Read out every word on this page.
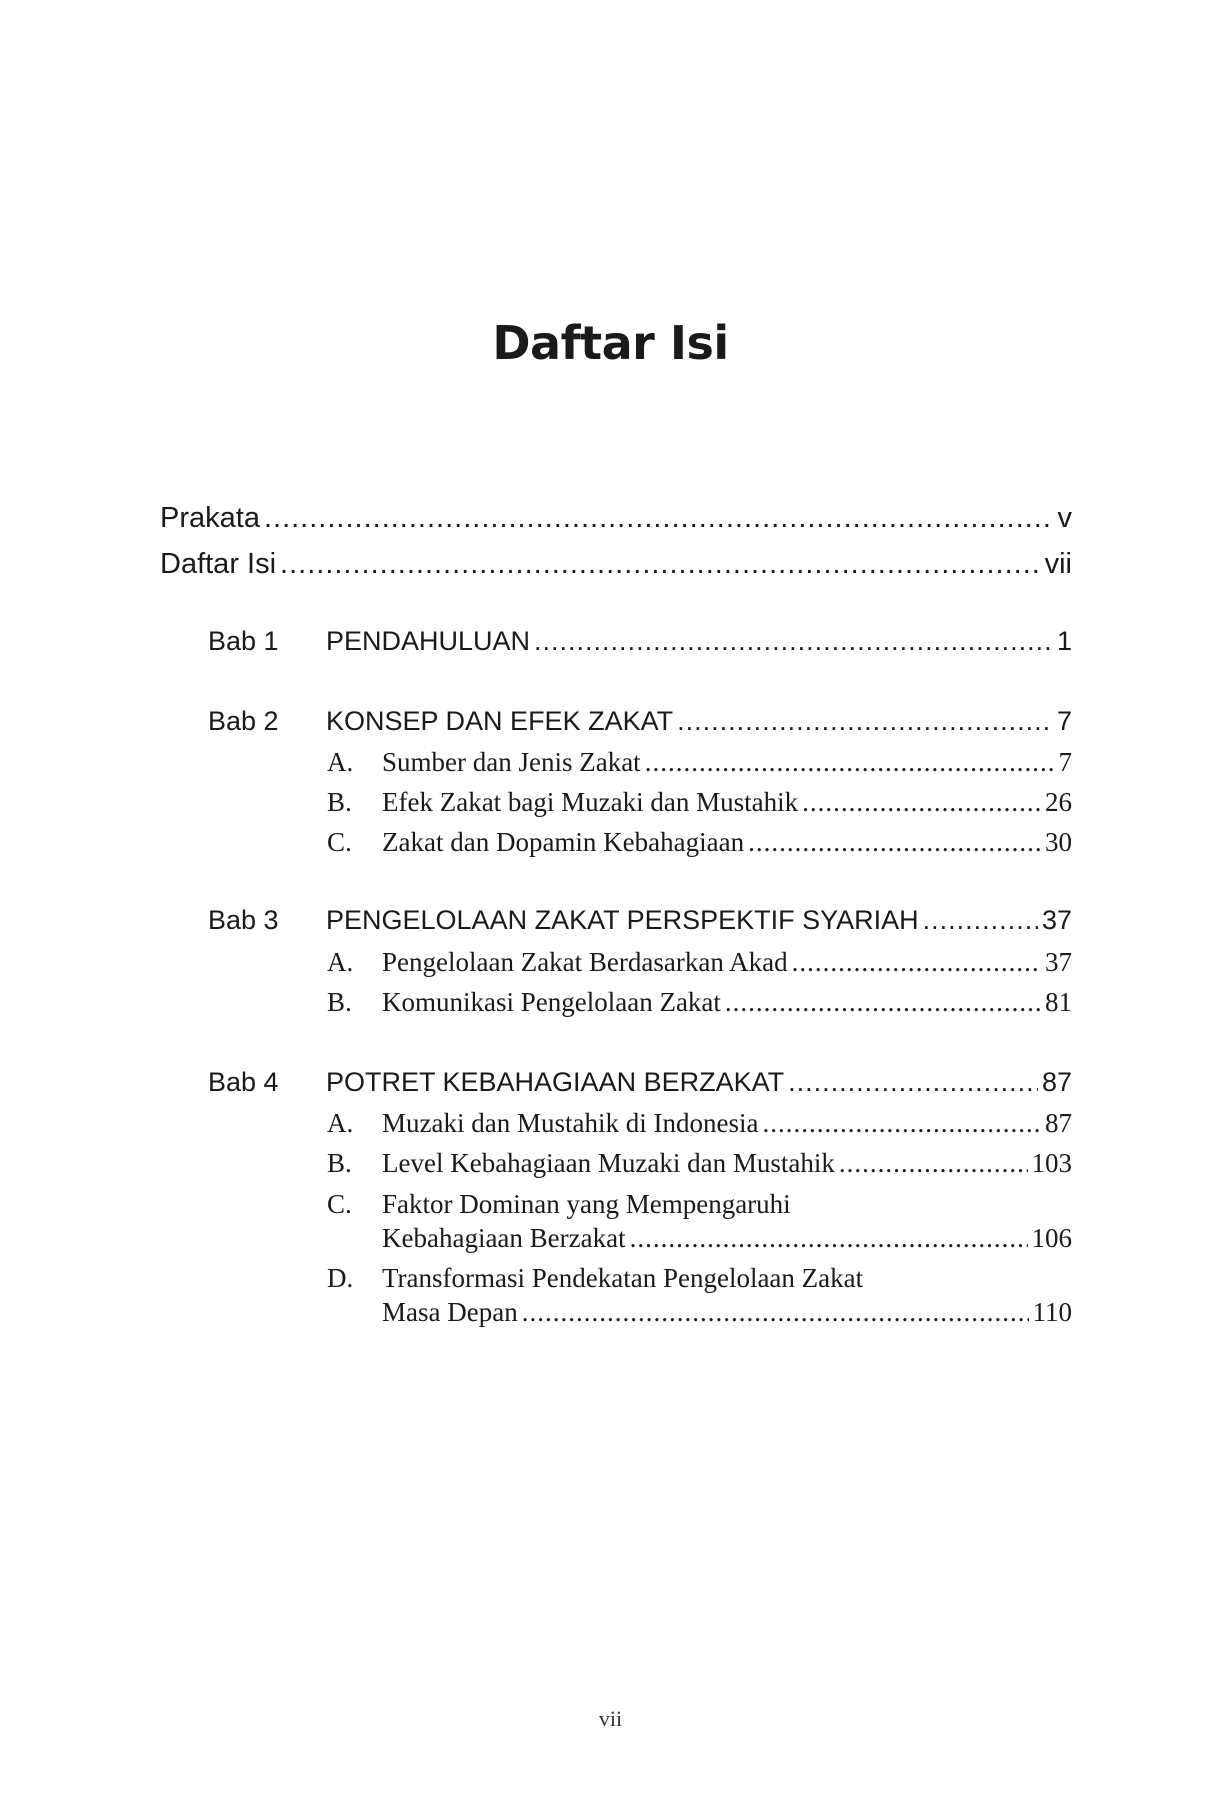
Daftar Isi
Prakata .....	v
Daftar Isi .....	vii
Bab 1	PENDAHULUAN .....	1
Bab 2	KONSEP DAN EFEK ZAKAT .....	7
A.	Sumber dan Jenis Zakat .....	7
B.	Efek Zakat bagi Muzaki dan Mustahik .....	26
C.	Zakat dan Dopamin Kebahagiaan .....	30
Bab 3	PENGELOLAAN ZAKAT PERSPEKTIF SYARIAH .....	37
A.	Pengelolaan Zakat Berdasarkan Akad .....	37
B.	Komunikasi Pengelolaan Zakat .....	81
Bab 4	POTRET KEBAHAGIAAN BERZAKAT .....	87
A.	Muzaki dan Mustahik di Indonesia .....	87
B.	Level Kebahagiaan Muzaki dan Mustahik .....	103
C.	Faktor Dominan yang Mempengaruhi
Kebahagiaan Berzakat .....	106
D.	Transformasi Pendekatan Pengelolaan Zakat
Masa Depan .....	110
vii
